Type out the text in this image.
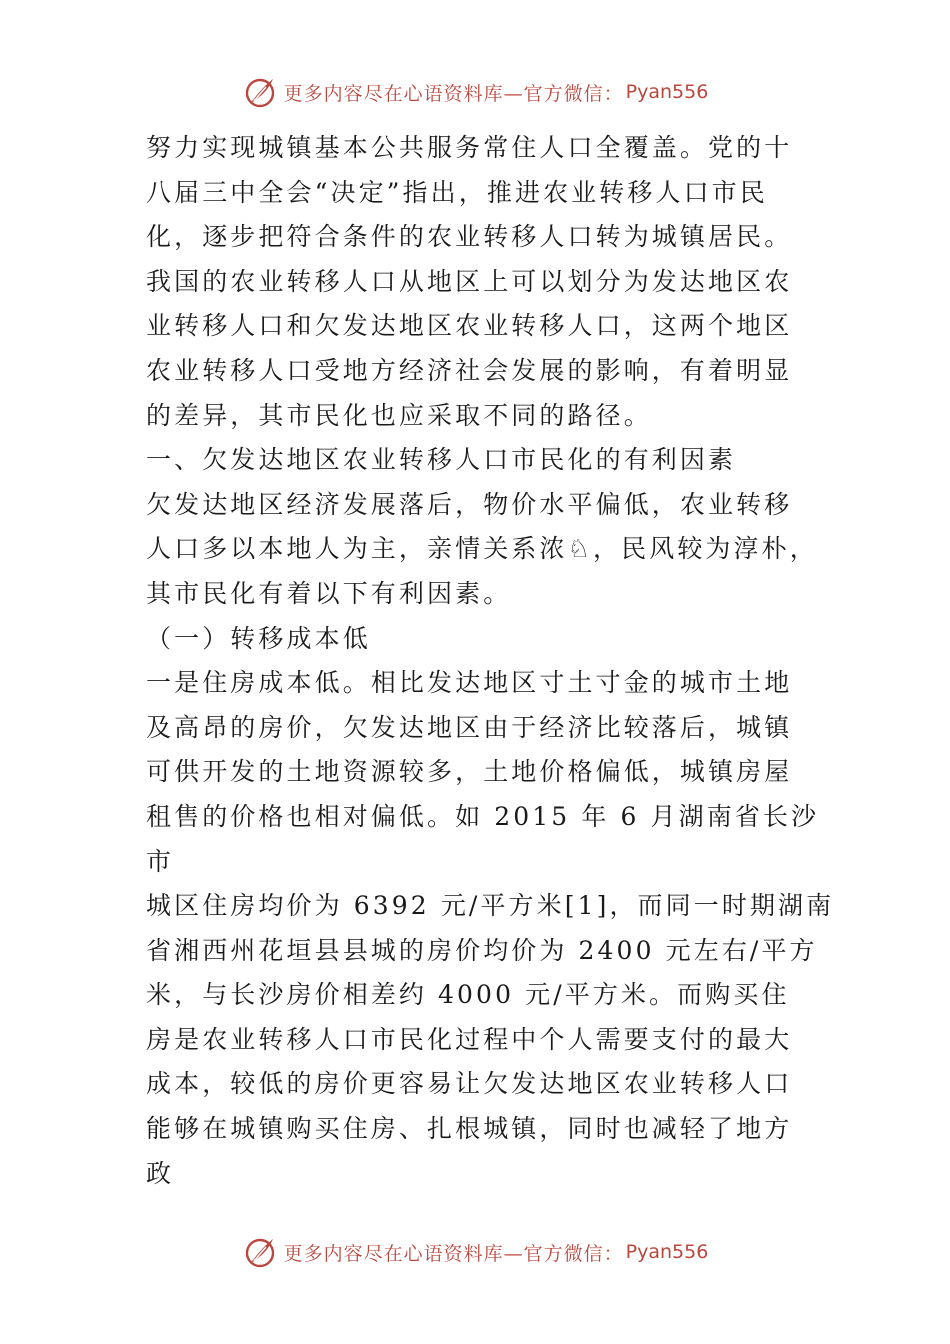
更多内容尽在心语资料库—官方微信： Pyan556

努力实现城镇基本公共服务常住人口全覆盖。党的十

八届三中全会“决定”指出，推进农业转移人口市民

化，逐步把符合条件的农业转移人口转为城镇居民。

我国的农业转移人口从地区上可以划分为发达地区农

业转移人口和欠发达地区农业转移人口，这两个地区

农业转移人口受地方经济社会发展的影响，有着明显

的差异，其市民化也应采取不同的路径。

一、欠发达地区农业转移人口市民化的有利因素

欠发达地区经济发展落后，物价水平偏低，农业转移

人口多以本地人为主，亲情关系浓♘，民风较为淳朴，

其市民化有着以下有利因素。

（一）转移成本低

一是住房成本低。相比发达地区寸土寸金的城市土地

及高昂的房价，欠发达地区由于经济比较落后，城镇

可供开发的土地资源较多，土地价格偏低，城镇房屋

租售的价格也相对偏低。如 2015 年 6 月湖南省长沙

市

城区住房均价为 6392 元/平方米[1]，而同一时期湖南

省湘西州花垣县县城的房价均价为 2400 元左右/平方

米，与长沙房价相差约 4000 元/平方米。而购买住

房是农业转移人口市民化过程中个人需要支付的最大

成本，较低的房价更容易让欠发达地区农业转移人口

能够在城镇购买住房、扎根城镇，同时也减轻了地方

政

更多内容尽在心语资料库—官方微信： Pyan556
